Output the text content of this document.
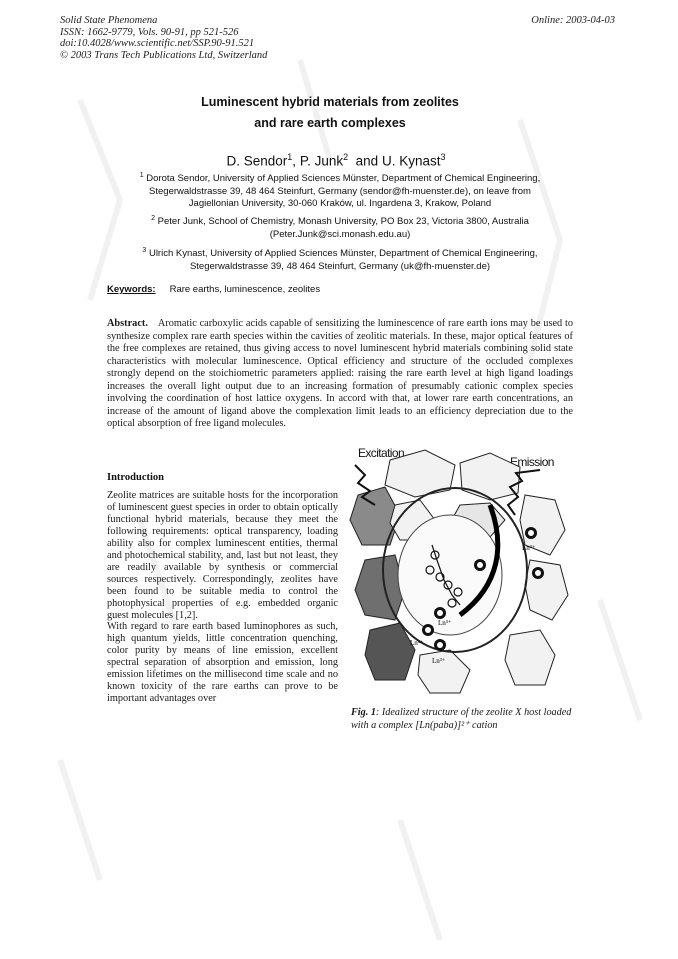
Solid State Phenomena
ISSN: 1662-9779, Vols. 90-91, pp 521-526
doi:10.4028/www.scientific.net/SSP.90-91.521
© 2003 Trans Tech Publications Ltd, Switzerland
Online: 2003-04-03
Luminescent hybrid materials from zeolites
and rare earth complexes
D. Sendor$^1$, P. Junk$^2$ and U. Kynast$^3$
$^1$ Dorota Sendor, University of Applied Sciences Münster, Department of Chemical Engineering,
Stegerwaldstrasse 39, 48 464 Steinfurt, Germany (sendor@fh-muenster.de), on leave from
Jagiellonian University, 30-060 Kraków, ul. Ingardena 3, Krakow, Poland
$^2$ Peter Junk, School of Chemistry, Monash University, PO Box 23, Victoria 3800, Australia
(Peter.Junk@sci.monash.edu.au)
$^3$ Ulrich Kynast, University of Applied Sciences Münster, Department of Chemical Engineering,
Stegerwaldstrasse 39, 48 464 Steinfurt, Germany (uk@fh-muenster.de)
Keywords: Rare earths, luminescence, zeolites
Abstract. Aromatic carboxylic acids capable of sensitizing the luminescence of rare earth ions may be used to synthesize complex rare earth species within the cavities of zeolitic materials. In these, major optical features of the free complexes are retained, thus giving access to novel luminescent hybrid materials combining solid state characteristics with molecular luminescence. Optical efficiency and structure of the occluded complexes strongly depend on the stoichiometric parameters applied: raising the rare earth level at high ligand loadings increases the overall light output due to an increasing formation of presumably cationic complex species involving the coordination of host lattice oxygens. In accord with that, at lower rare earth concentrations, an increase of the amount of ligand above the complexation limit leads to an efficiency depreciation due to the optical absorption of free ligand molecules.
Introduction

Zeolite matrices are suitable hosts for the incorporation of luminescent guest species in order to obtain optically functional hybrid materials, because they meet the following requirements: optical transparency, loading ability also for complex luminescent entities, thermal and photochemical stability, and, last but not least, they are readily available by synthesis or commercial sources respectively. Correspondingly, zeolites have been found to be suitable media to control the photophysical properties of e.g. embedded organic guest molecules [1,2].

With regard to rare earth based luminophores as such, high quantum yields, little concentration quenching, color purity by means of line emission, excellent spectral separation of absorption and emission, long emission lifetimes on the millisecond time scale and no known toxicity of the rare earths can prove to be important advantages over

Excitation
Emission
Ln³⁺
Ln³⁺
Ln³⁺
Ln³⁺
Fig. 1: Idealized structure of the zeolite X host loaded with a complex [Ln(paba)]²⁺ cation
